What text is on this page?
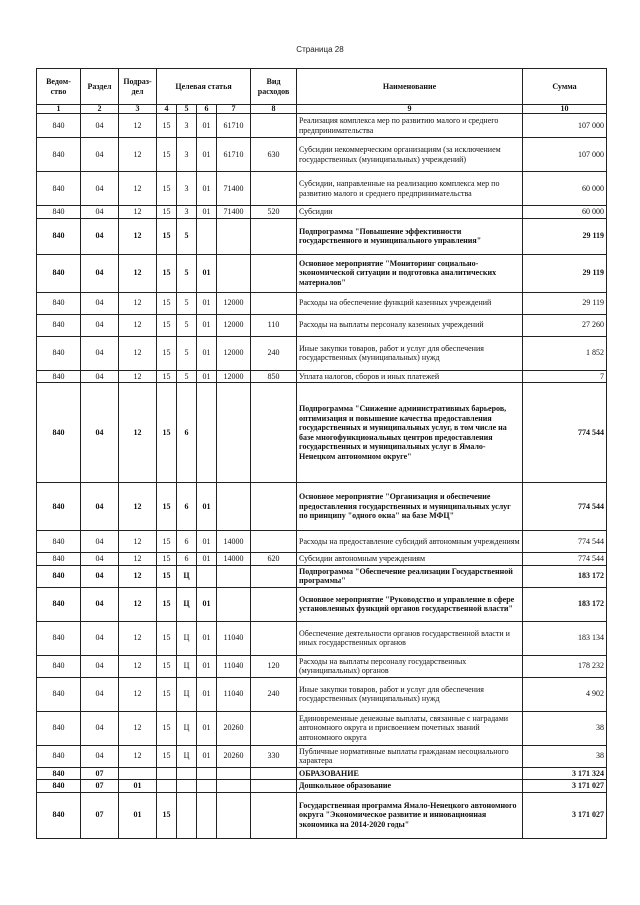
Страница 28
Ведом-ство	Раздел	Подраз-дел	Целевая статья				Вид расходов	Наименование	Сумма
1	2	3	4	5	6	7	8	9	10
840	04	12	15	3	01	61710		Реализация комплекса мер по развитию малого и среднего предпринимательства	107 000
840	04	12	15	3	01	61710	630	Субсидии некоммерческим организациям (за исключением государственных (муниципальных) учреждений)	107 000
840	04	12	15	3	01	71400		Субсидии, направленные на реализацию комплекса мер по развитию малого и среднего предпринимательства	60 000
840	04	12	15	3	01	71400	520	Субсидии	60 000
840	04	12	15	5				Подпрограмма "Повышение эффективности государственного и муниципального управления"	29 119
840	04	12	15	5	01			Основное мероприятие "Мониторинг социально-экономической ситуации и подготовка аналитических материалов"	29 119
840	04	12	15	5	01	12000		Расходы на обеспечение функций казенных учреждений	29 119
840	04	12	15	5	01	12000	110	Расходы на выплаты персоналу казенных учреждений	27 260
840	04	12	15	5	01	12000	240	Иные закупки товаров, работ и услуг для обеспечения государственных (муниципальных) нужд	1 852
840	04	12	15	5	01	12000	850	Уплата налогов, сборов и иных платежей	7
840	04	12	15	6				Подпрограмма "Снижение административных барьеров, оптимизация и повышение качества предоставления государственных и муниципальных услуг, в том числе на базе многофункциональных центров предоставления государственных и муниципальных услуг в Ямало-Ненецком автономном округе"	774 544
840	04	12	15	6	01			Основное мероприятие "Организация и обеспечение предоставления государственных и муниципальных услуг по принципу "одного окна" на базе МФЦ"	774 544
840	04	12	15	6	01	14000		Расходы на предоставление субсидий автономным учреждениям	774 544
840	04	12	15	6	01	14000	620	Субсидии автономным учреждениям	774 544
840	04	12	15	Ц				Подпрограмма "Обеспечение реализации Государственной программы"	183 172
840	04	12	15	Ц	01			Основное мероприятие "Руководство и управление в сфере установленных функций органов государственной власти"	183 172
840	04	12	15	Ц	01	11040		Обеспечение деятельности органов государственной власти и иных государственных органов	183 134
840	04	12	15	Ц	01	11040	120	Расходы на выплаты персоналу государственных (муниципальных) органов	178 232
840	04	12	15	Ц	01	11040	240	Иные закупки товаров, работ и услуг для обеспечения государственных (муниципальных) нужд	4 902
840	04	12	15	Ц	01	20260		Единовременные денежные выплаты, связанные с наградами автономного округа и присвоением почетных званий автономного округа	38
840	04	12	15	Ц	01	20260	330	Публичные нормативные выплаты гражданам несоциального характера	38
840	07							ОБРАЗОВАНИЕ	3 171 324
840	07	01						Дошкольное образование	3 171 027
840	07	01	15					Государственная программа Ямало-Ненецкого автономного округа "Экономическое развитие и инновационная экономика на 2014-2020 годы"	3 171 027
